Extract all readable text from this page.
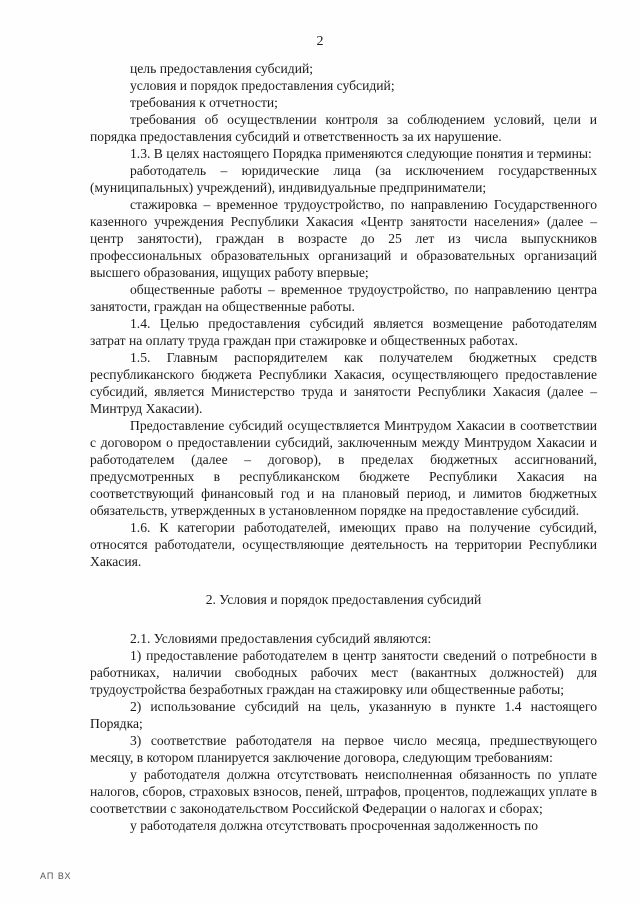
2

цель предоставления субсидий;

условия и порядок предоставления субсидий;

требования к отчетности;

требования об осуществлении контроля за соблюдением условий, цели и порядка предоставления субсидий и ответственность за их нарушение.

1.3. В целях настоящего Порядка применяются следующие понятия и термины:

работодатель – юридические лица (за исключением государственных (муниципальных) учреждений), индивидуальные предприниматели;

стажировка – временное трудоустройство, по направлению Государственного казенного учреждения Республики Хакасия «Центр занятости населения» (далее – центр занятости), граждан в возрасте до 25 лет из числа выпускников профессиональных образовательных организаций и образовательных организаций высшего образования, ищущих работу впервые;

общественные работы – временное трудоустройство, по направлению центра занятости, граждан на общественные работы.

1.4. Целью предоставления субсидий является возмещение работодателям затрат на оплату труда граждан при стажировке и общественных работах.

1.5. Главным распорядителем как получателем бюджетных средств республиканского бюджета Республики Хакасия, осуществляющего предоставление субсидий, является Министерство труда и занятости Республики Хакасия (далее – Минтруд Хакасии).

Предоставление субсидий осуществляется Минтрудом Хакасии в соответствии с договором о предоставлении субсидий, заключенным между Минтрудом Хакасии и работодателем (далее – договор), в пределах бюджетных ассигнований, предусмотренных в республиканском бюджете Республики Хакасия на соответствующий финансовый год и на плановый период, и лимитов бюджетных обязательств, утвержденных в установленном порядке на предоставление субсидий.

1.6. К категории работодателей, имеющих право на получение субсидий, относятся работодатели, осуществляющие деятельность на территории Республики Хакасия.

2. Условия и порядок предоставления субсидий

2.1. Условиями предоставления субсидий являются:

1) предоставление работодателем в центр занятости сведений о потребности в работниках, наличии свободных рабочих мест (вакантных должностей) для трудоустройства безработных граждан на стажировку или общественные работы;

2) использование субсидий на цель, указанную в пункте 1.4 настоящего Порядка;

3) соответствие работодателя на первое число месяца, предшествующего месяцу, в котором планируется заключение договора, следующим требованиям:

у работодателя должна отсутствовать неисполненная обязанность по уплате налогов, сборов, страховых взносов, пеней, штрафов, процентов, подлежащих уплате в соответствии с законодательством Российской Федерации о налогах и сборах;

у работодателя должна отсутствовать просроченная задолженность по

АП ВХ
